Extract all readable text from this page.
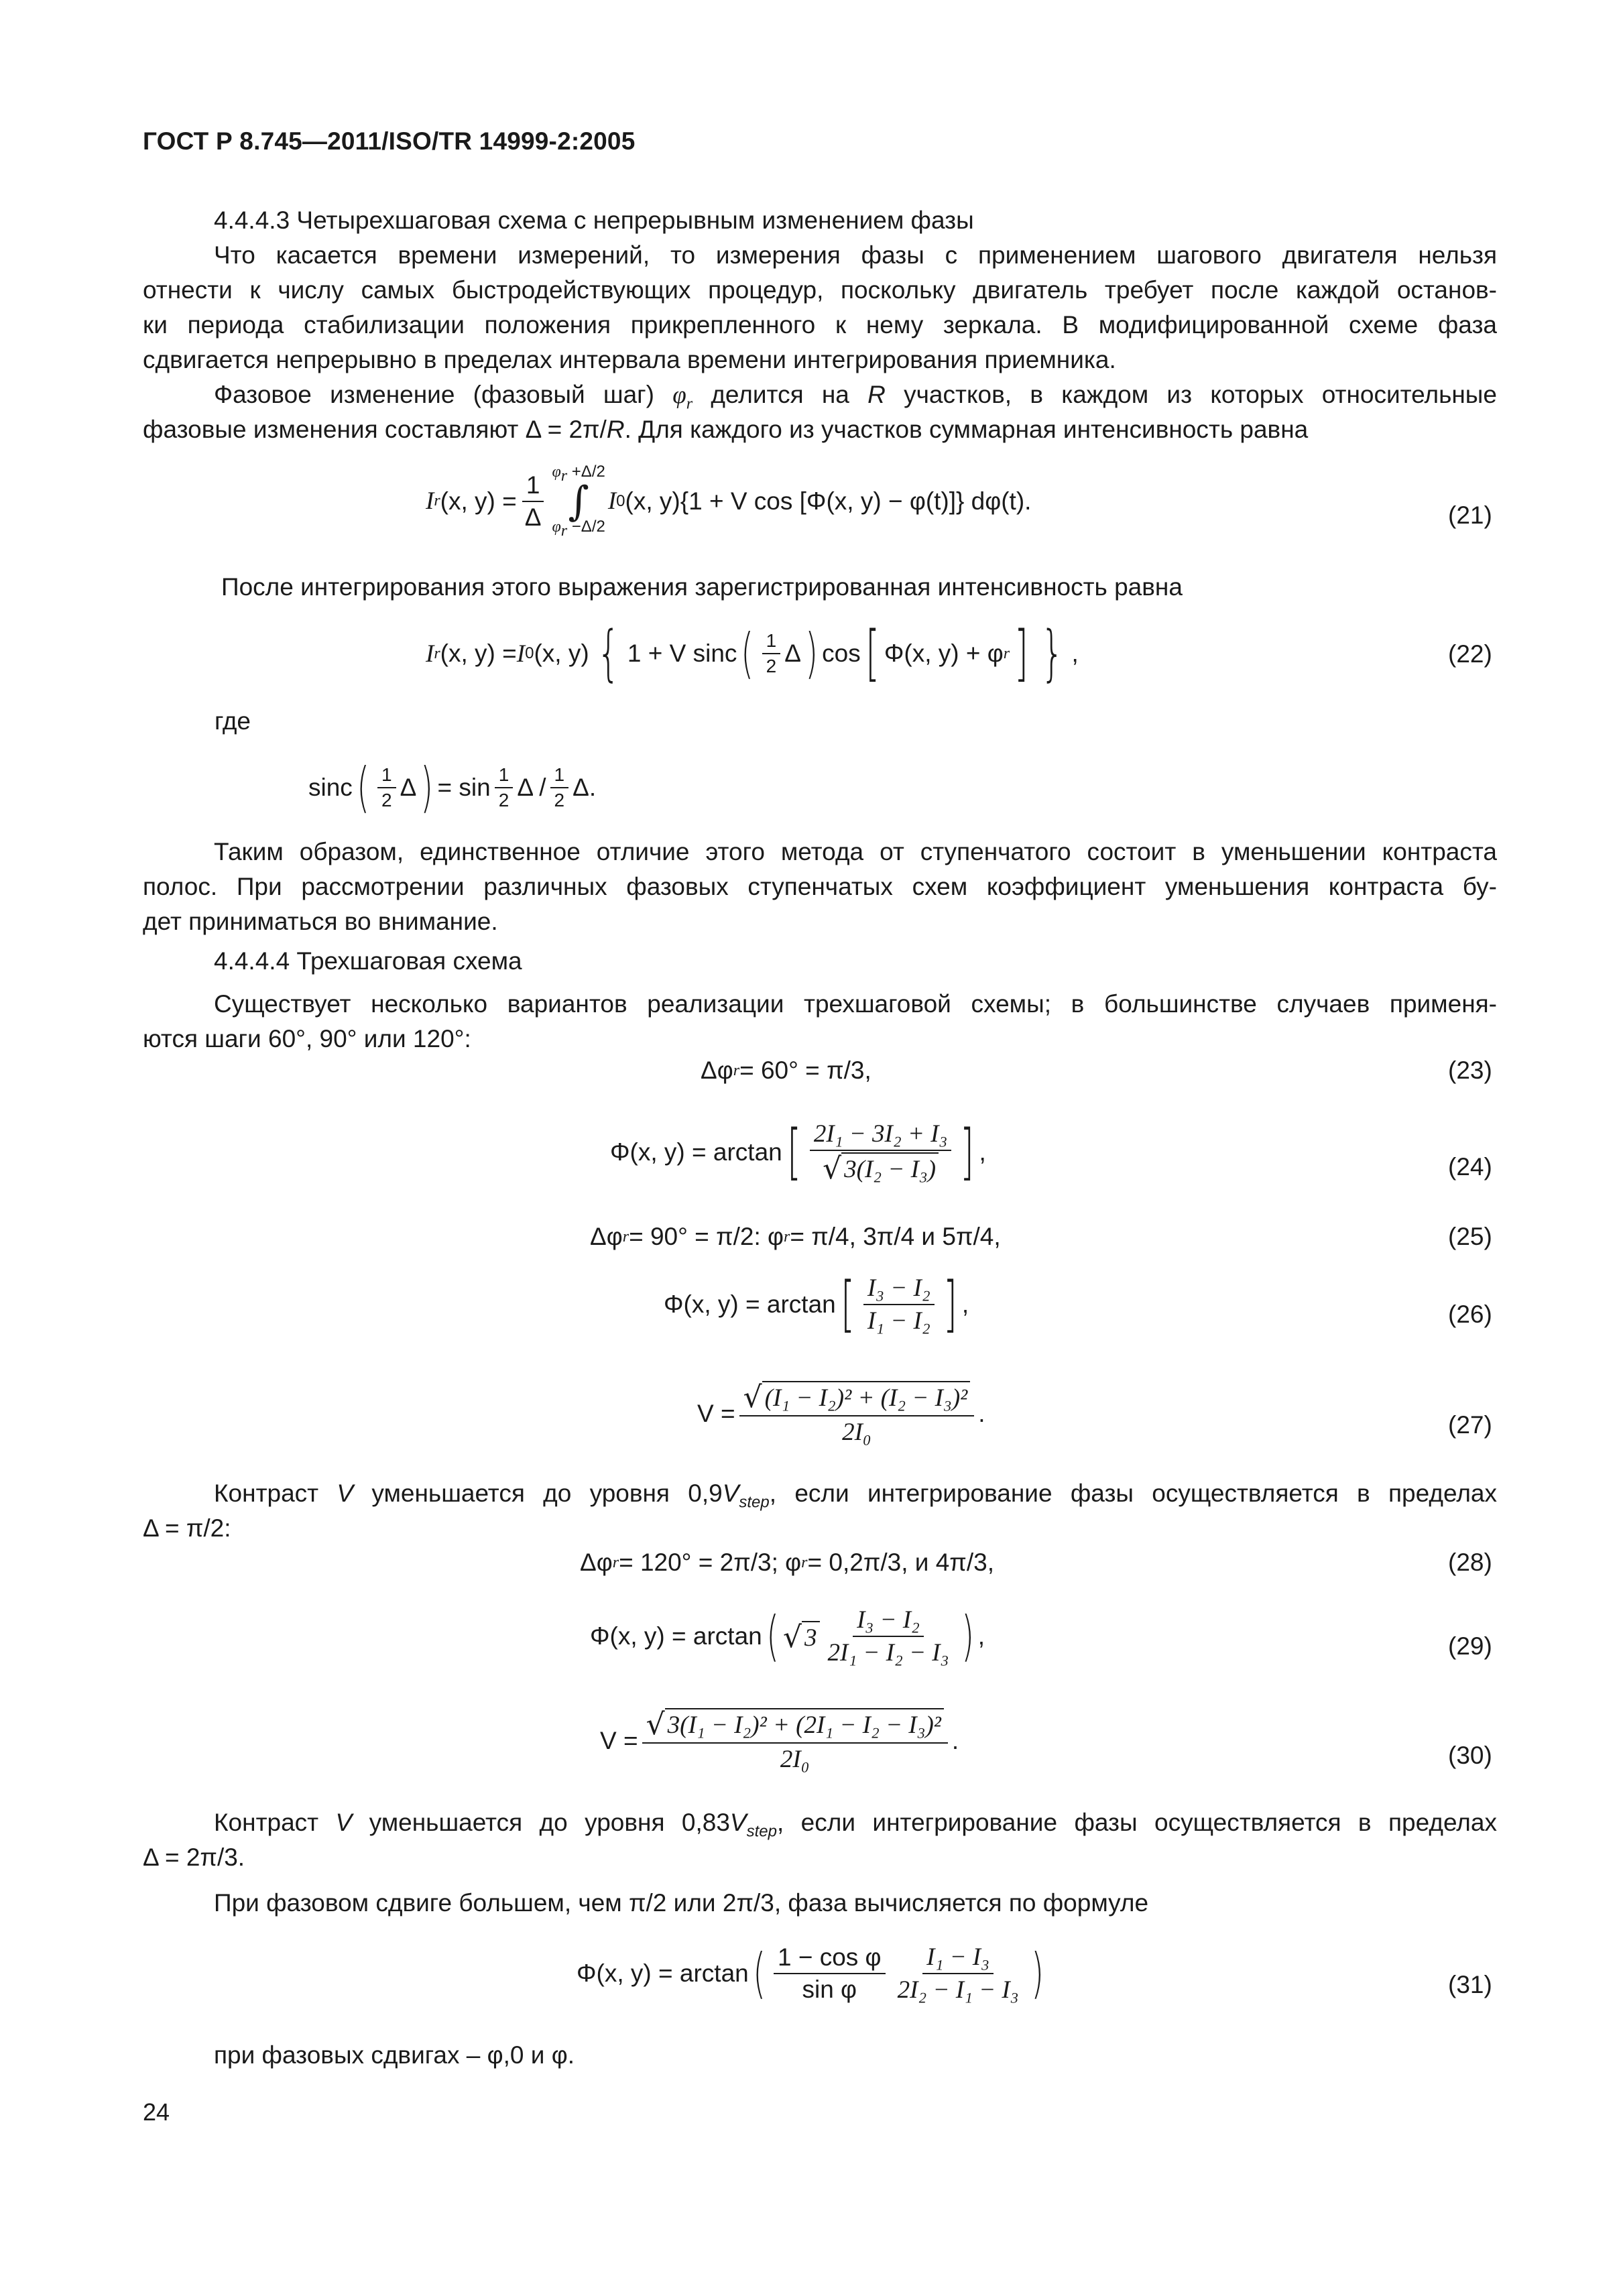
ГОСТ Р 8.745—2011/ISO/TR 14999-2:2005
4.4.4.3 Четырехшаговая схема с непрерывным изменением фазы
Что касается времени измерений, то измерения фазы с применением шагового двигателя нельзя
отнести к числу самых быстродействующих процедур, поскольку двигатель требует после каждой останов-
ки периода стабилизации положения прикрепленного к нему зеркала. В модифицированной схеме фаза
сдвигается непрерывно в пределах интервала времени интегрирования приемника.
Фазовое изменение (фазовый шаг) $\varphi_r$ делится на R участков, в каждом из которых относительные
фазовые изменения составляют Δ = 2π/R. Для каждого из участков суммарная интенсивность равна
I r (x, $y) = \frac{1}{\Delta} \varphi_r +\Delta/2$
∫
$\varphi_r -\Delta/2$
I 0 (x, y){1 + V cos [Φ(x, y) − φ(t)]} dφ(t).
(21)
После интегрирования этого выражения зарегистрированная интенсивность равна
I r (x, y) = I 0 (x, y) { 1 + V sinc ( $\frac{1}{2}$ Δ ) cos [ Φ(x, y) + φ r ] } ,	(22)
где
sinc ( $\frac{1}{2}$ Δ ) = $\sin \frac{1}{2}$ Δ / $\frac{1}{2} \Delta$.
Таким образом, единственное отличие этого метода от ступенчатого состоит в уменьшении контраста
полос. При рассмотрении различных фазовых ступенчатых схем коэффициент уменьшения контраста бу-
дет приниматься во внимание.
4.4.4.4 Трехшаговая схема
Существует несколько вариантов реализации трехшаговой схемы; в большинстве случаев применя-
ются шаги 60°, 90° или 120°:
Δφ r = 60° = π/3,	(23)
Φ(x, y) = arctan [ $\frac{\text{2I₁ − 3I₂ + I₃}}{\text{√ 3(I₂ − I₃)}}$ ] ,
(24)
Δφ r = 90° = π/2: φ r = π/4, 3π/4 и 5π/4,	(25)
Φ(x, y) = arctan [ $\frac{\text{I₃ − I₂}}{\text{I₁ − I₂}}$ ] ,	(26)
$V = \frac{\text{√ (I₁ − I₂)² + (I₂ − I₃)²}}{\text{2I₀}}$ .	(27)
Контраст V уменьшается до уровня $0,9V_{step}$, если интегрирование фазы осуществляется в пределах
Δ = π/2:
Δφ r = 120° = 2π/3; φ r = 0,2π/3, и 4π/3,	(28)
Φ(x, y) = arctan ( √ $3 \frac{\text{I₃ − I₂}}{\text{2I₁ − I₂ − I₃}}$ ) ,	(29)
$V = \frac{\text{√ 3(I₁ − I₂)² + (2I₁ − I₂ − I₃)²}}{\text{2I₀}}$ .
(30)
Контраст V уменьшается до уровня $0,83V_{step}$, если интегрирование фазы осуществляется в пределах
Δ = 2π/3.
При фазовом сдвиге большем, чем π/2 или 2π/3, фаза вычисляется по формуле
Φ(x, y) = arctan ( $\frac{\text{1 − cos φ}}{\text{sin φ}} \frac{\text{I₁ − I₃}}{\text{2I₂ − I₁ − I₃}}$ )	(31)
при фазовых сдвигах – φ,0 и φ.
24
